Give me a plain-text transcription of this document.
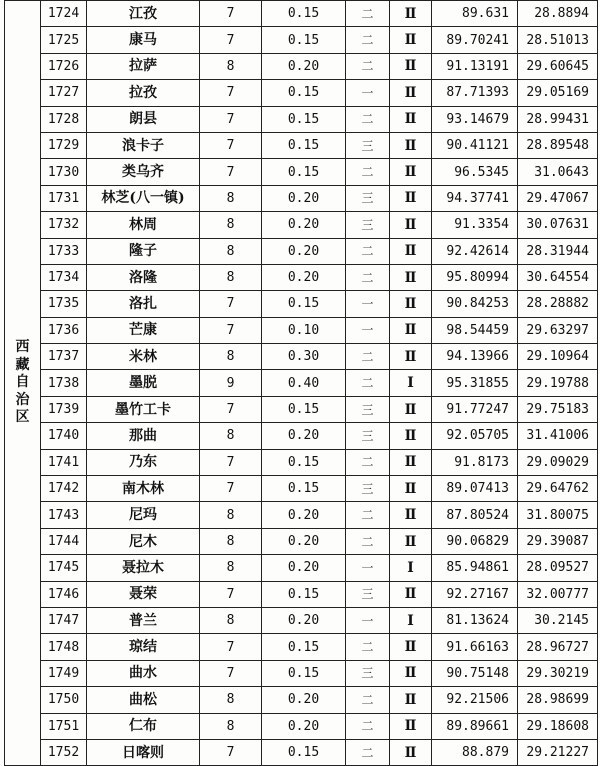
西藏自治区	1724	江孜	7	0.15	二	Ⅱ	89.631	28.8894
	1725	康马	7	0.15	二	Ⅱ	89.70241	28.51013
	1726	拉萨	8	0.20	二	Ⅱ	91.13191	29.60645
	1727	拉孜	7	0.15	一	Ⅱ	87.71393	29.05169
	1728	朗县	7	0.15	二	Ⅱ	93.14679	28.99431
	1729	浪卡子	7	0.15	三	Ⅱ	90.41121	28.89548
	1730	类乌齐	7	0.15	二	Ⅱ	96.5345	31.0643
	1731	林芝(八一镇)	8	0.20	三	Ⅱ	94.37741	29.47067
	1732	林周	8	0.20	三	Ⅱ	91.3354	30.07631
	1733	隆子	8	0.20	二	Ⅱ	92.42614	28.31944
	1734	洛隆	8	0.20	二	Ⅱ	95.80994	30.64554
	1735	洛扎	7	0.15	一	Ⅱ	90.84253	28.28882
	1736	芒康	7	0.10	一	Ⅱ	98.54459	29.63297
	1737	米林	8	0.30	二	Ⅱ	94.13966	29.10964
	1738	墨脱	9	0.40	二	Ⅰ	95.31855	29.19788
	1739	墨竹工卡	7	0.15	三	Ⅱ	91.77247	29.75183
	1740	那曲	8	0.20	三	Ⅱ	92.05705	31.41006
	1741	乃东	7	0.15	二	Ⅱ	91.8173	29.09029
	1742	南木林	7	0.15	三	Ⅱ	89.07413	29.64762
	1743	尼玛	8	0.20	二	Ⅱ	87.80524	31.80075
	1744	尼木	8	0.20	二	Ⅱ	90.06829	29.39087
	1745	聂拉木	8	0.20	一	Ⅰ	85.94861	28.09527
	1746	聂荣	7	0.15	三	Ⅱ	92.27167	32.00777
	1747	普兰	8	0.20	一	Ⅰ	81.13624	30.2145
	1748	琼结	7	0.15	二	Ⅱ	91.66163	28.96727
	1749	曲水	7	0.15	三	Ⅱ	90.75148	29.30219
	1750	曲松	8	0.20	二	Ⅱ	92.21506	28.98699
	1751	仁布	8	0.20	二	Ⅱ	89.89661	29.18608
	1752	日喀则	7	0.15	二	Ⅱ	88.879	29.21227
